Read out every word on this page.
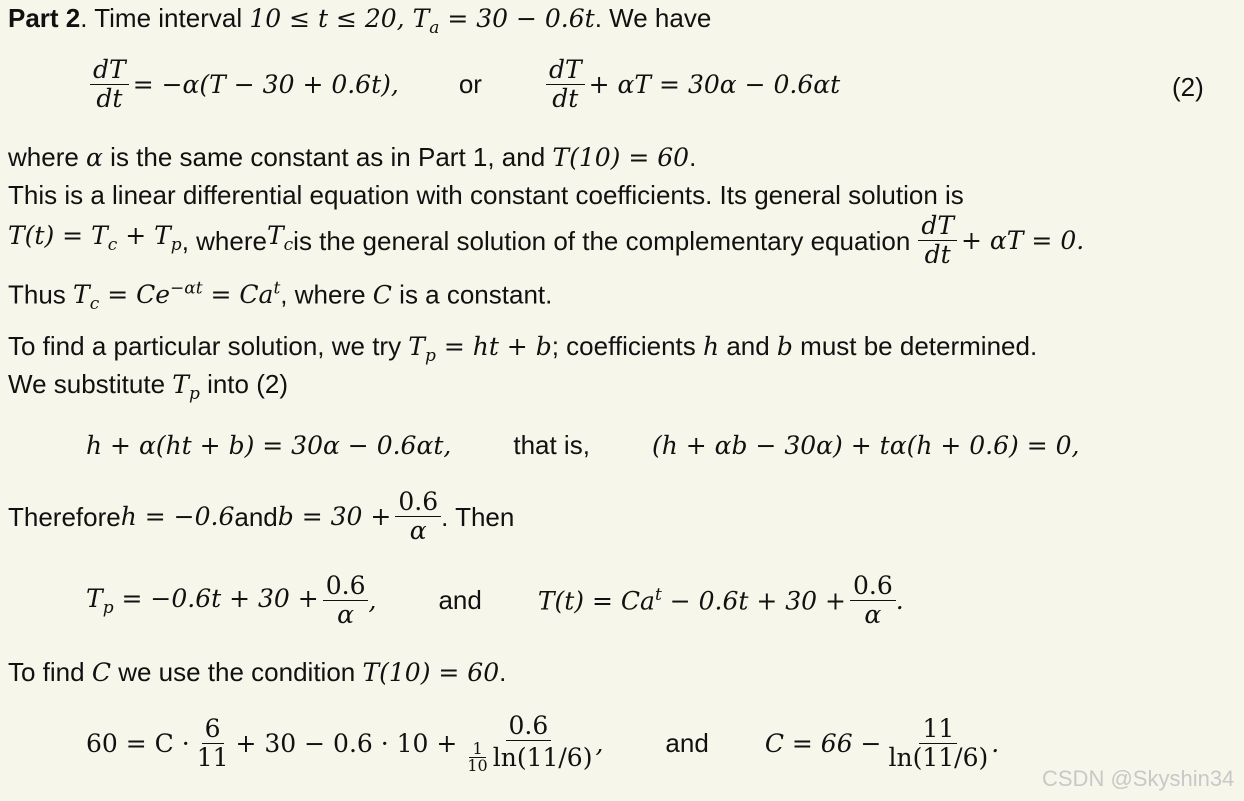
Part 2. Time interval 10 ≤ t ≤ 20, $T_a = 30 - 0.6t$. We have
$\frac{dT}{dt} = -\alpha(T - 30 + 0.6t)$, or	$\frac{dT}{dt} + \alpha T = 30\alpha - 0.6\alpha t$	(2)
where α is the same constant as in Part 1, and T(10) = 60.
This is a linear differential equation with constant coefficients. Its general solution is
$T(t) = T_c + T_p$ , where $T_c$ is the general solution of the complementary equation $\frac{dT}{dt} + \alpha T = 0$.
Thus $T_c = Ce^{-\alpha t} = Ca^t$, where C is a constant.
To find a particular solution, we try $T_p$ = ht + b; coefficients h and b must be determined.
We substitute $T_p$ into (2)
h + α(ht + b) = 30α − 0.6αt, that is, (h + αb − 30α) + tα(h + 0.6) = 0,
Therefore h = −0.6 and $b = 30 + \frac{0.6}{\alpha}$ . Then
$T_p = -0.6t + 30 + \frac{0.6}{\alpha}$ , and $T(t) = Ca^t - 0.6t + 30 + \frac{0.6}{\alpha}$ .
To find C we use the condition T(10) = 60.
$60 = C \cdot \frac{6}{11} + 30 - 0.6 \cdot 10 + \frac{0.6}{\frac{1}{10} \ln(11/6)}$ , and $C = 66 - \frac{11}{\ln(11/6)}$ .
CSDN @Skyshin34
